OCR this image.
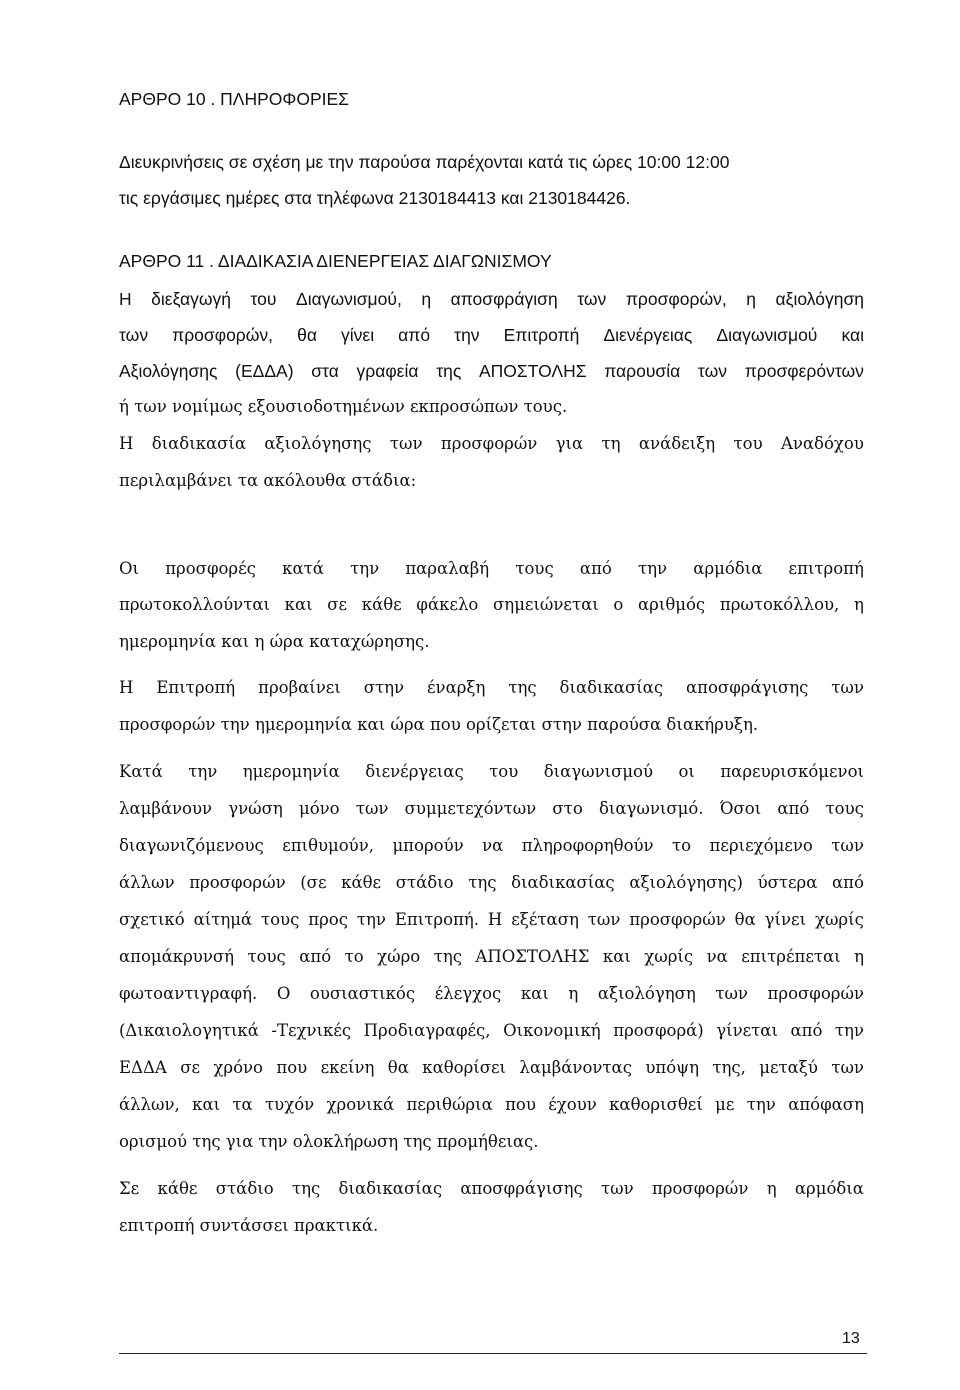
ΑΡΘΡΟ 10 . ΠΛΗΡΟΦΟΡΙΕΣ
Διευκρινήσεις σε σχέση με την παρούσα παρέχονται κατά τις ώρες 10:00 12:00
τις εργάσιμες ημέρες στα τηλέφωνα 2130184413 και 2130184426.
ΑΡΘΡΟ 11 . ΔΙΑΔΙΚΑΣΙΑ ΔΙΕΝΕΡΓΕΙΑΣ ΔΙΑΓΩΝΙΣΜΟΥ
Η διεξαγωγή του Διαγωνισμού, η αποσφράγιση των προσφορών, η αξιολόγηση
των προσφορών, θα γίνει από την Επιτροπή Διενέργειας Διαγωνισμού και
Αξιολόγησης (ΕΔΔΑ) στα γραφεία της ΑΠΟΣΤΟΛΗΣ παρουσία των προσφερόντων
ή των νομίμως εξουσιοδοτημένων εκπροσώπων τους.
Η διαδικασία αξιολόγησης των προσφορών για τη ανάδειξη του Αναδόχου
περιλαμβάνει τα ακόλουθα στάδια:
Οι προσφορές κατά την παραλαβή τους από την αρμόδια επιτροπή
πρωτοκολλούνται και σε κάθε φάκελο σημειώνεται ο αριθμός πρωτοκόλλου, η
ημερομηνία και η ώρα καταχώρησης.
Η Επιτροπή προβαίνει στην έναρξη της διαδικασίας αποσφράγισης των
προσφορών την ημερομηνία και ώρα που ορίζεται στην παρούσα διακήρυξη.
Κατά την ημερομηνία διενέργειας του διαγωνισμού οι παρευρισκόμενοι
λαμβάνουν γνώση μόνο των συμμετεχόντων στο διαγωνισμό. Όσοι από τους
διαγωνιζόμενους επιθυμούν, μπορούν να πληροφορηθούν το περιεχόμενο των
άλλων προσφορών (σε κάθε στάδιο της διαδικασίας αξιολόγησης) ύστερα από
σχετικό αίτημά τους προς την Επιτροπή. Η εξέταση των προσφορών θα γίνει χωρίς
απομάκρυνσή τους από το χώρο της ΑΠΟΣΤΟΛΗΣ και χωρίς να επιτρέπεται η
φωτοαντιγραφή. Ο ουσιαστικός έλεγχος και η αξιολόγηση των προσφορών
(Δικαιολογητικά -Τεχνικές Προδιαγραφές, Οικονομική προσφορά) γίνεται από την
ΕΔΔΑ σε χρόνο που εκείνη θα καθορίσει λαμβάνοντας υπόψη της, μεταξύ των
άλλων, και τα τυχόν χρονικά περιθώρια που έχουν καθορισθεί με την απόφαση
ορισμού της για την ολοκλήρωση της προμήθειας.
Σε κάθε στάδιο της διαδικασίας αποσφράγισης των προσφορών η αρμόδια
επιτροπή συντάσσει πρακτικά.
13
